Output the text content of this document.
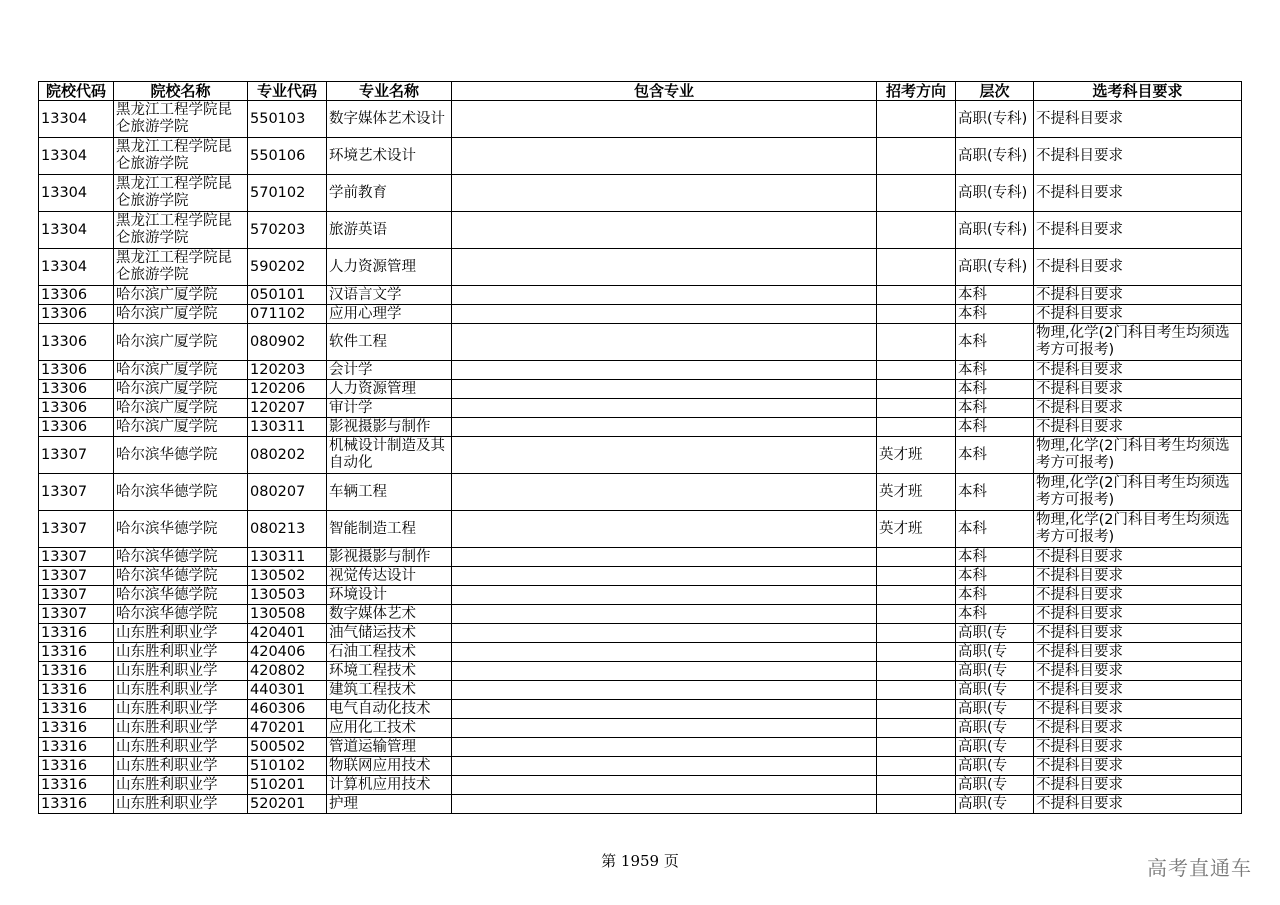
院校代码	院校名称	专业代码	专业名称	包含专业	招考方向	层次	选考科目要求
13304	黑龙江工程学院昆仑旅游学院	550103	数字媒体艺术设计			高职(专科)	不提科目要求
13304	黑龙江工程学院昆仑旅游学院	550106	环境艺术设计			高职(专科)	不提科目要求
13304	黑龙江工程学院昆仑旅游学院	570102	学前教育			高职(专科)	不提科目要求
13304	黑龙江工程学院昆仑旅游学院	570203	旅游英语			高职(专科)	不提科目要求
13304	黑龙江工程学院昆仑旅游学院	590202	人力资源管理			高职(专科)	不提科目要求
13306	哈尔滨广厦学院	050101	汉语言文学			本科	不提科目要求
13306	哈尔滨广厦学院	071102	应用心理学			本科	不提科目要求
13306	哈尔滨广厦学院	080902	软件工程			本科	物理,化学(2门科目考生均须选考方可报考)
13306	哈尔滨广厦学院	120203	会计学			本科	不提科目要求
13306	哈尔滨广厦学院	120206	人力资源管理			本科	不提科目要求
13306	哈尔滨广厦学院	120207	审计学			本科	不提科目要求
13306	哈尔滨广厦学院	130311	影视摄影与制作			本科	不提科目要求
13307	哈尔滨华德学院	080202	机械设计制造及其自动化		英才班	本科	物理,化学(2门科目考生均须选考方可报考)
13307	哈尔滨华德学院	080207	车辆工程		英才班	本科	物理,化学(2门科目考生均须选考方可报考)
13307	哈尔滨华德学院	080213	智能制造工程		英才班	本科	物理,化学(2门科目考生均须选考方可报考)
13307	哈尔滨华德学院	130311	影视摄影与制作			本科	不提科目要求
13307	哈尔滨华德学院	130502	视觉传达设计			本科	不提科目要求
13307	哈尔滨华德学院	130503	环境设计			本科	不提科目要求
13307	哈尔滨华德学院	130508	数字媒体艺术			本科	不提科目要求
13316	山东胜利职业学	420401	油气储运技术			高职(专	不提科目要求
13316	山东胜利职业学	420406	石油工程技术			高职(专	不提科目要求
13316	山东胜利职业学	420802	环境工程技术			高职(专	不提科目要求
13316	山东胜利职业学	440301	建筑工程技术			高职(专	不提科目要求
13316	山东胜利职业学	460306	电气自动化技术			高职(专	不提科目要求
13316	山东胜利职业学	470201	应用化工技术			高职(专	不提科目要求
13316	山东胜利职业学	500502	管道运输管理			高职(专	不提科目要求
13316	山东胜利职业学	510102	物联网应用技术			高职(专	不提科目要求
13316	山东胜利职业学	510201	计算机应用技术			高职(专	不提科目要求
13316	山东胜利职业学	520201	护理			高职(专	不提科目要求
第 1959 页	高考直通车
